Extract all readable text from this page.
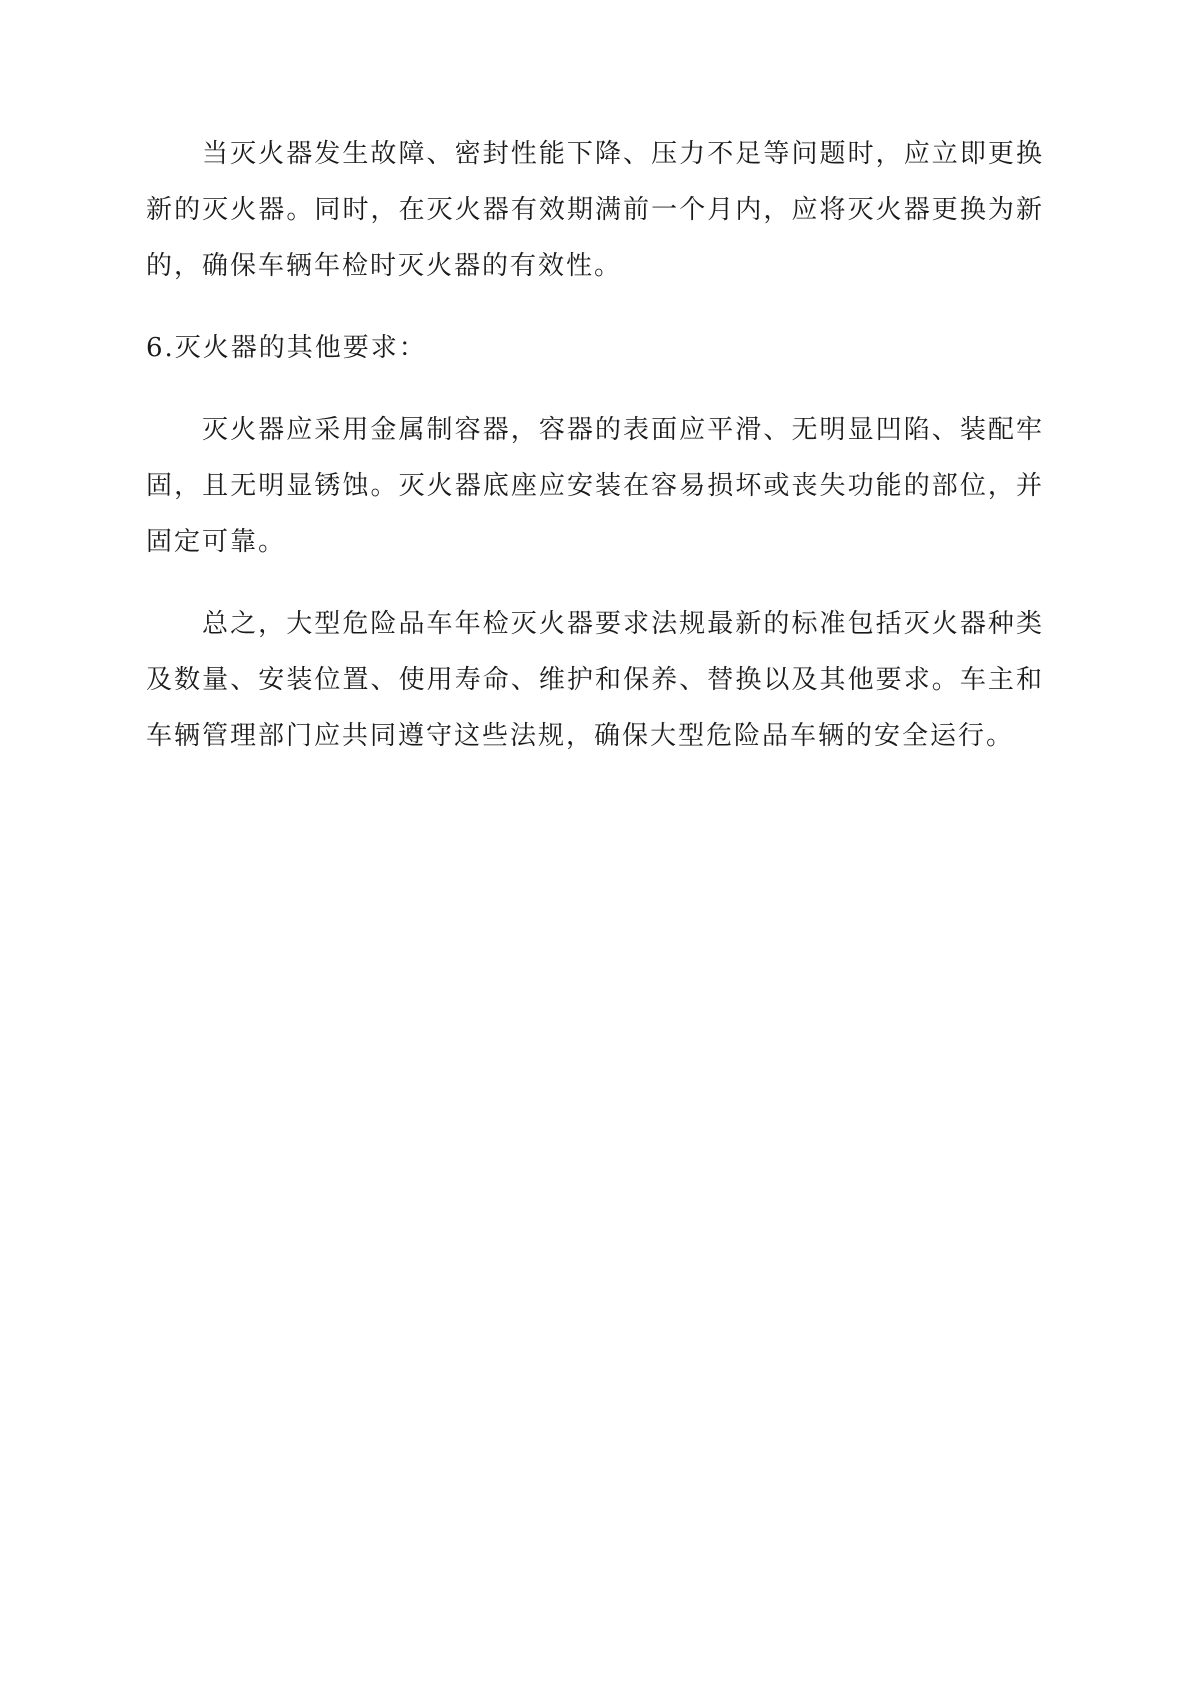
当灭火器发生故障、密封性能下降、压力不足等问题时，应立即更换新的灭火器。同时，在灭火器有效期满前一个月内，应将灭火器更换为新的，确保车辆年检时灭火器的有效性。

6.灭火器的其他要求：

灭火器应采用金属制容器，容器的表面应平滑、无明显凹陷、装配牢固，且无明显锈蚀。灭火器底座应安装在容易损坏或丧失功能的部位，并固定可靠。

总之，大型危险品车年检灭火器要求法规最新的标准包括灭火器种类及数量、安装位置、使用寿命、维护和保养、替换以及其他要求。车主和车辆管理部门应共同遵守这些法规，确保大型危险品车辆的安全运行。
